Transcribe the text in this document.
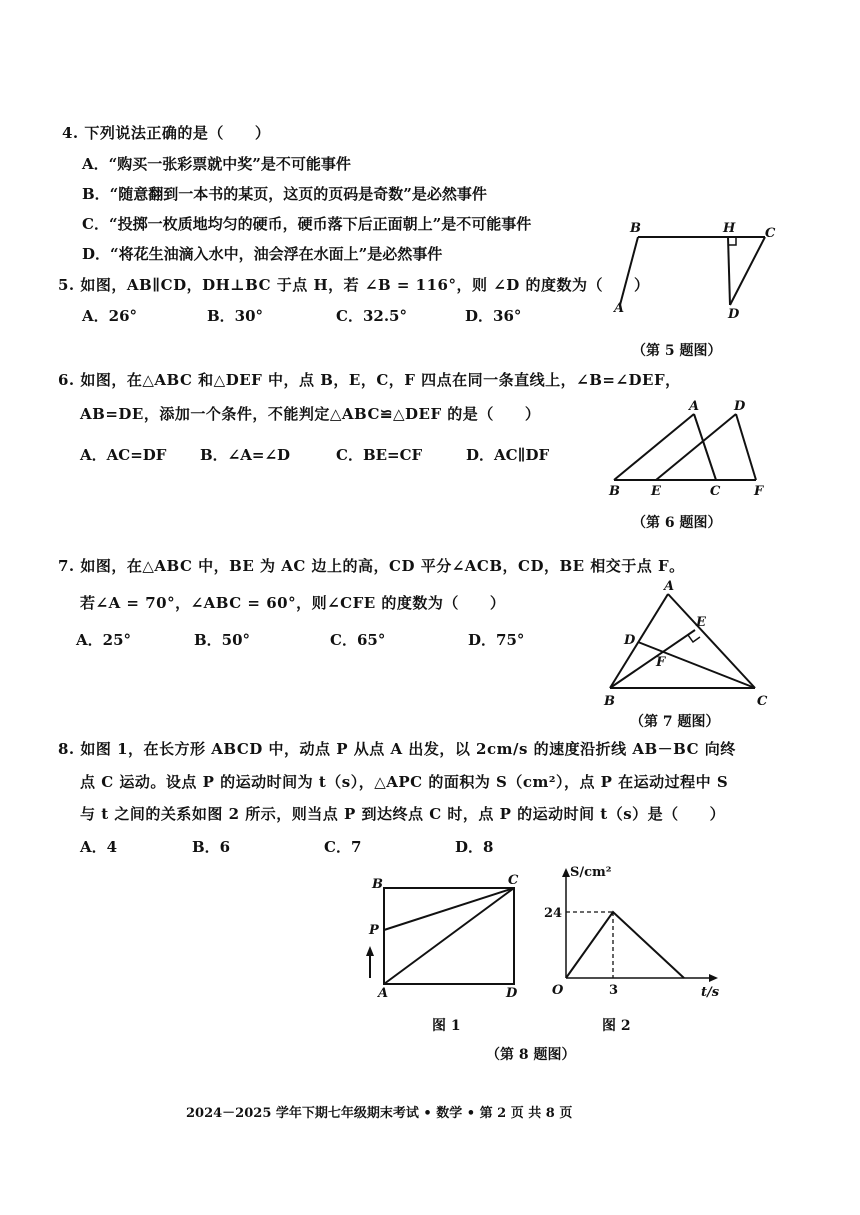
4. 下列说法正确的是（　　）
A．“购买一张彩票就中奖”是不可能事件
B．“随意翻到一本书的某页，这页的页码是奇数”是必然事件
C．“投掷一枚质地均匀的硬币，硬币落下后正面朝上”是不可能事件
D．“将花生油滴入水中，油会浮在水面上”是必然事件
5. 如图，AB∥CD，DH⊥BC 于点 H，若 ∠B = 116°，则 ∠D 的度数为（　　）
A．26°	B．30°	C．32.5°	D．36°
B	H C
A	D
（第 5 题图）
6. 如图，在△ABC 和△DEF 中，点 B，E，C，F 四点在同一条直线上，∠B=∠DEF，
AB=DE，添加一个条件，不能判定△ABC≌△DEF 的是（　　）
A．AC=DF B．∠A=∠D	C．BE=CF	D．AC∥DF
A	D
B E	C	F
（第 6 题图）
7. 如图，在△ABC 中，BE 为 AC 边上的高，CD 平分∠ACB，CD，BE 相交于点 F。
若∠A = 70°，∠ABC = 60°，则∠CFE 的度数为（　　）
A．25°	B．50°	C．65°	D．75°
A
E
D
F
B	C
（第 7 题图）
8. 如图 1，在长方形 ABCD 中，动点 P 从点 A 出发，以 2cm/s 的速度沿折线 AB－BC 向终
点 C 运动。设点 P 的运动时间为 t（s），△APC 的面积为 S（cm²），点 P 在运动过程中 S
与 t 之间的关系如图 2 所示，则当点 P 到达终点 C 时，点 P 的运动时间 t（s）是（　　）
A．4	B．6	C．7	D．8
B	C
P
A	D
图 1
S/cm²
24
O	3	t/s
图 2
（第 8 题图）
2024－2025 学年下期七年级期末考试 • 数学 • 第 2 页 共 8 页
